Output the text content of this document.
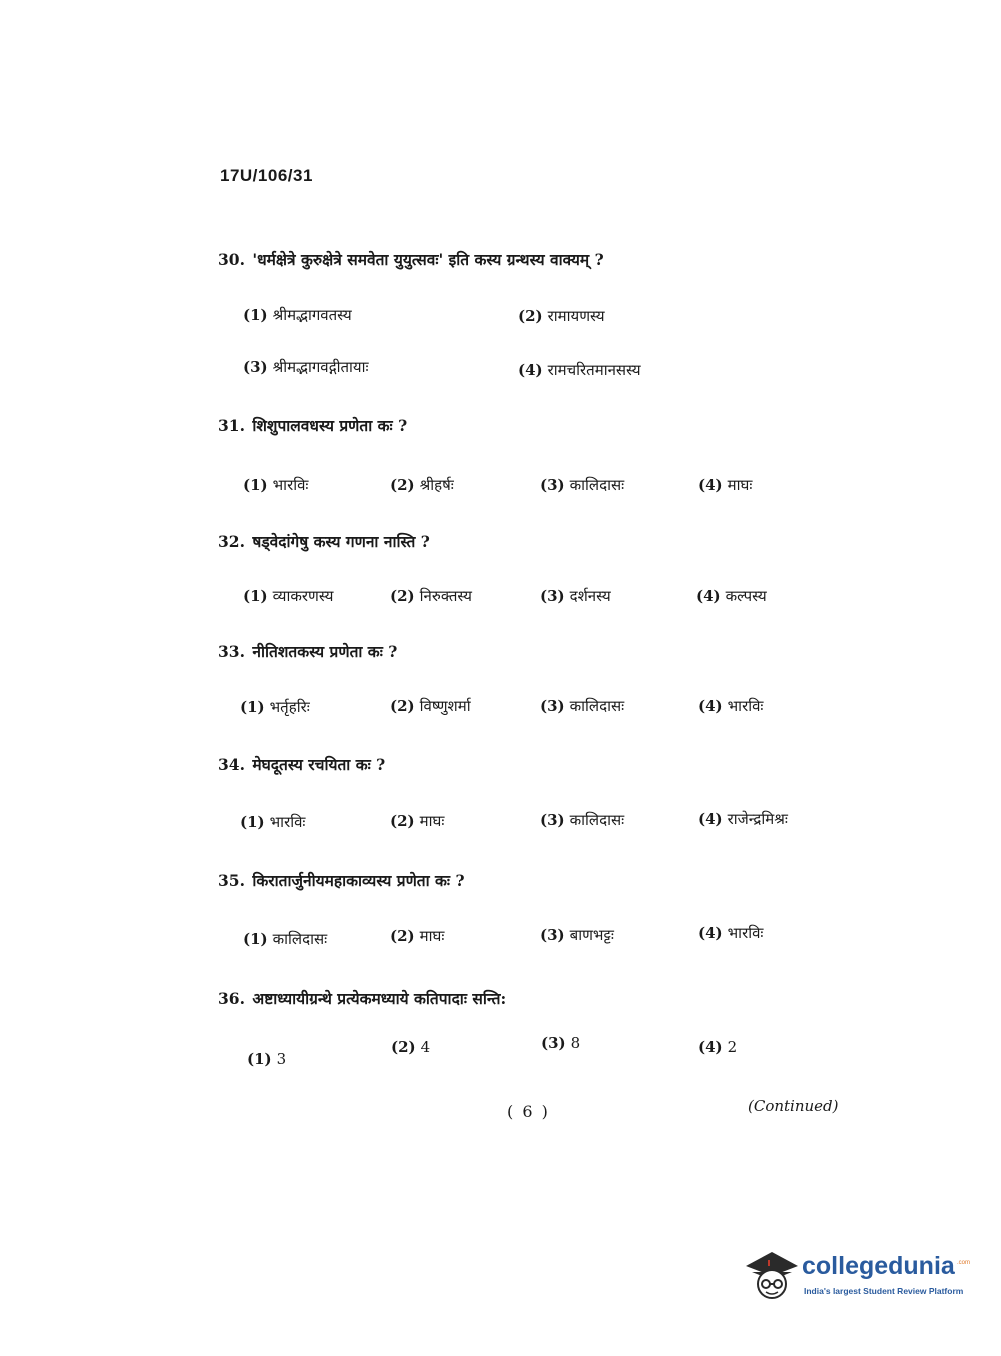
17U/106/31
30. 'धर्मक्षेत्रे कुरुक्षेत्रे समवेता युयुत्सवः' इति कस्य ग्रन्थस्य वाक्यम् ?
(1) श्रीमद्भागवतस्य	(2) रामायणस्य
(3) श्रीमद्भागवद्गीतायाः	(4) रामचरितमानसस्य
31. शिशुपालवधस्य प्रणेता कः ?
(1) भारविः	(2) श्रीहर्षः	(3) कालिदासः	(4) माघः
32. षड्वेदांगेषु कस्य गणना नास्ति ?
(1) व्याकरणस्य	(2) निरुक्तस्य	(3) दर्शनस्य	(4) कल्पस्य
33. नीतिशतकस्य प्रणेता कः ?
(1) भर्तृहरिः	(2) विष्णुशर्मा	(3) कालिदासः	(4) भारविः
34. मेघदूतस्य रचयिता कः ?
(1) भारविः	(2) माघः	(3) कालिदासः	(4) राजेन्द्रमिश्रः
35. किरातार्जुनीयमहाकाव्यस्य प्रणेता कः ?
(1) कालिदासः	(2) माघः	(3) बाणभट्टः	(4) भारविः
36. अष्टाध्यायीग्रन्थे प्रत्येकमध्याये कतिपादाः सन्ति:
(1) 3
(2) 4	(3) 8	(4) 2
( 6 )	(Continued)
collegedunia .com
India's largest Student Review Platform
